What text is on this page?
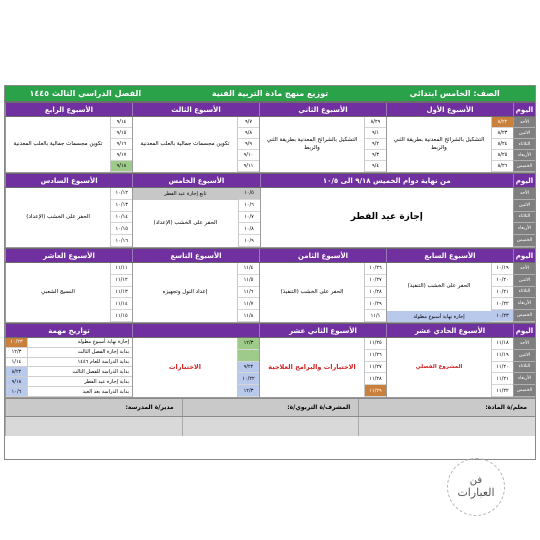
الصف: الخامس ابتدائي
توزيع منهج مادة التربية الفنية
الفصل الدراسي الثالث ١٤٤٥
اليوم
الأسبوع الأول
الأسبوع الثاني
الأسبوع الثالث
الأسبوع الرابع
الأحد
الاثنين
الثلاثاء
الأربعاء
الخميس
٨/٢٢
٨/٢٣
٨/٢٤
٨/٢٥
٨/٢٦
التشكيل بالشرائح المعدنية بطريقة الثني والربط
٨/٢٩
٩/١
٩/٢
٩/٣
٩/٤
التشكيل بالشرائح المعدنية بطريقة الثني والربط
٩/٧
٩/٨
٩/٩
٩/١٠
٩/١١
تكوين مجسمات جمالية بالعلب المعدنية
٩/١٤
٩/١٥
٩/١٦
٩/١٧
٩/١٨
تكوين مجسمات جمالية بالعلب المعدنية
اليوم
من نهاية دوام الخميس ٩/١٨ الى ١٠/٥
الأسبوع الخامس
الأسبوع السادس
الأحد
الاثنين
الثلاثاء
الأربعاء
الخميس
إجازة عيد الفطر
١٠/٥
١٠/٦
١٠/٧
١٠/٨
١٠/٩
تابع إجازة عيد الفطر
الحفر على الخشب (الإعداد)
١٠/١٢
١٠/١٣
١٠/١٤
١٠/١٥
١٠/١٦
الحفر على الخشب (الإعداد)
اليوم
الأسبوع السابع
الأسبوع الثامن
الأسبوع التاسع
الأسبوع العاشر
الأحد
الاثنين
الثلاثاء
الأربعاء
الخميس
١٠/١٩
١٠/٢٠
١٠/٢١
١٠/٢٢
١٠/٢٣
الحفر على الخشب (التنفيذ)
إجازة نهاية أسبوع مطولة
١٠/٢٦
١٠/٢٧
١٠/٢٨
١٠/٢٩
١١/١
الحفر على الخشب (التنفيذ)
١١/٤
١١/٥
١١/٦
١١/٧
١١/٨
إعداد النول وتجهيزه
١١/١١
١١/١٢
١١/١٣
١١/١٤
١١/١٥
النسيج الشعبي
اليوم
الأسبوع الحادي عشر
الأسبوع الثاني عشر
تواريخ مهمة
الأحد
الاثنين
الثلاثاء
الأربعاء
الخميس
١١/١٨
١١/١٩
١١/٢٠
١١/٢١
١١/٢٢
المشروع الفصلي
١١/٢٥
١١/٢٦
١١/٢٧
١١/٢٨
١١/٢٩
الاختبارات والبرامج العلاجية
١٢/٣
٩/٢٢
١٠/٢٢
١٢/٣
الاختبارات
إجازة نهاية أسبوع مطولة
١٠/٢٣
بداية إجازة الفصل الثالث
١٢/٣
بداية الدراسة للعام ١٤٤٦
١/١٤
بداية الدراسة للفصل الثالث
٨/٢٢
بداية إجازة عيد الفطر
٩/١٨
بداية الدراسة بعد العيد
١٠/٦
معلم/ة المادة:
المشرف/ة التربوي/ة:
مدير/ة المدرسة:
فن
العبارات
